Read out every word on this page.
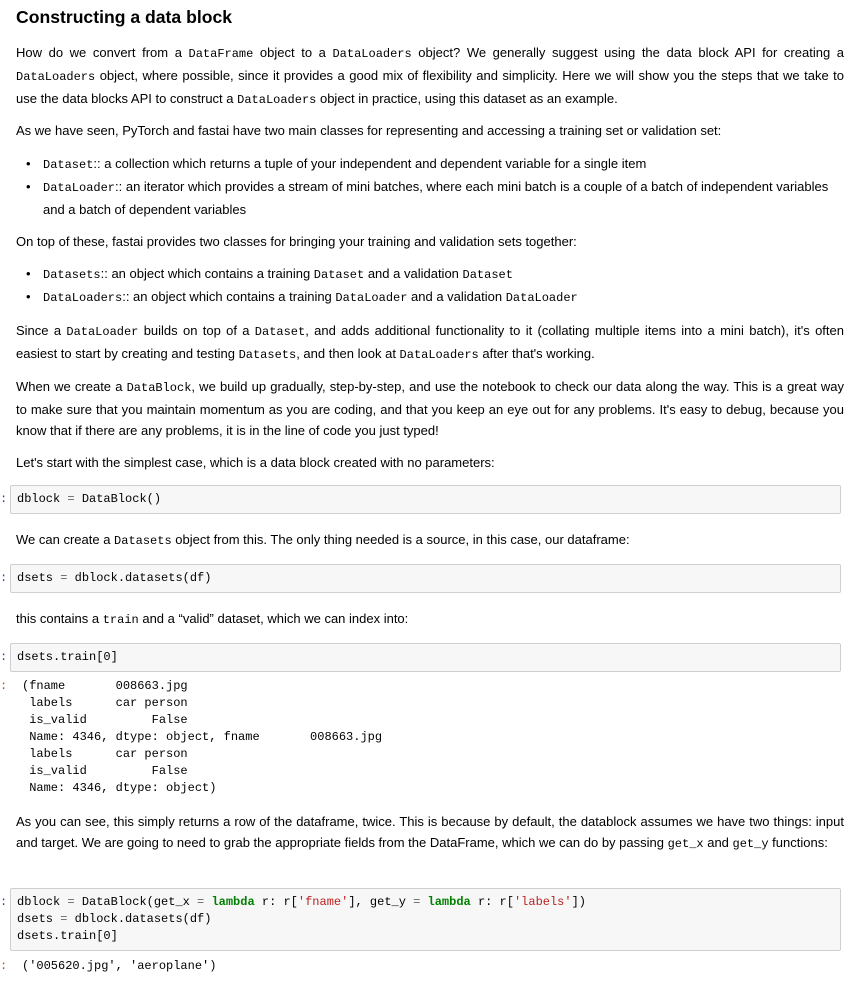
Constructing a data block

How do we convert from a DataFrame object to a DataLoaders object? We generally suggest using the data block API for creating a DataLoaders object, where possible, since it provides a good mix of flexibility and simplicity. Here we will show you the steps that we take to use the data blocks API to construct a DataLoaders object in practice, using this dataset as an example.

As we have seen, PyTorch and fastai have two main classes for representing and accessing a training set or validation set:

• Dataset:: a collection which returns a tuple of your independent and dependent variable for a single item
• DataLoader:: an iterator which provides a stream of mini batches, where each mini batch is a couple of a batch of independent variables and a batch of dependent variables

On top of these, fastai provides two classes for bringing your training and validation sets together:

• Datasets:: an object which contains a training Dataset and a validation Dataset
• DataLoaders:: an object which contains a training DataLoader and a validation DataLoader

Since a DataLoader builds on top of a Dataset, and adds additional functionality to it (collating multiple items into a mini batch), it's often easiest to start by creating and testing Datasets, and then look at DataLoaders after that's working.

When we create a DataBlock, we build up gradually, step-by-step, and use the notebook to check our data along the way. This is a great way to make sure that you maintain momentum as you are coding, and that you keep an eye out for any problems. It's easy to debug, because you know that if there are any problems, it is in the line of code you just typed!

Let's start with the simplest case, which is a data block created with no parameters:

: dblock = DataBlock()

We can create a Datasets object from this. The only thing needed is a source, in this case, our dataframe:

: dsets = dblock.datasets(df)

this contains a train and a “valid” dataset, which we can index into:

: dsets.train[0]
: (fname       008663.jpg
labels      car person
is_valid         False
Name: 4346, dtype: object, fname       008663.jpg
labels      car person
is_valid         False
Name: 4346, dtype: object)

As you can see, this simply returns a row of the dataframe, twice. This is because by default, the datablock assumes we have two things: input and target. We are going to need to grab the appropriate fields from the DataFrame, which we can do by passing get_x and get_y functions:

: dblock = DataBlock(get_x = lambda r: r['fname'], get_y = lambda r: r['labels'])
dsets = dblock.datasets(df)
dsets.train[0]
: ('005620.jpg', 'aeroplane')
